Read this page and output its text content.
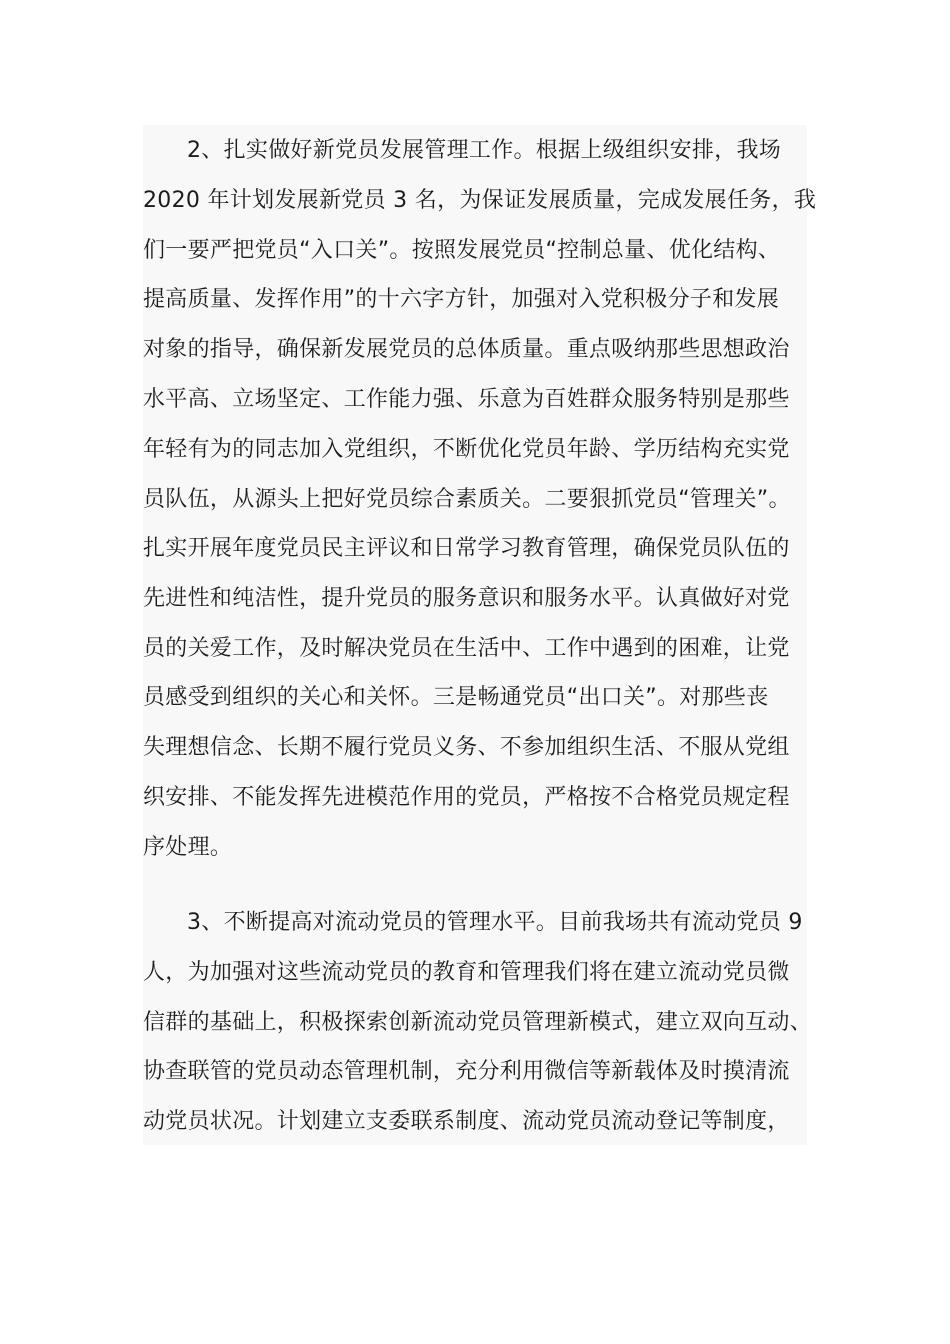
2、扎实做好新党员发展管理工作。根据上级组织安排，我场
2020 年计划发展新党员 3 名，为保证发展质量，完成发展任务，我
们一要严把党员“入口关”。按照发展党员“控制总量、优化结构、
提高质量、发挥作用”的十六字方针，加强对入党积极分子和发展
对象的指导，确保新发展党员的总体质量。重点吸纳那些思想政治
水平高、立场坚定、工作能力强、乐意为百姓群众服务特别是那些
年轻有为的同志加入党组织，不断优化党员年龄、学历结构充实党
员队伍，从源头上把好党员综合素质关。二要狠抓党员“管理关”。
扎实开展年度党员民主评议和日常学习教育管理，确保党员队伍的
先进性和纯洁性，提升党员的服务意识和服务水平。认真做好对党
员的关爱工作，及时解决党员在生活中、工作中遇到的困难，让党
员感受到组织的关心和关怀。三是畅通党员“出口关”。对那些丧
失理想信念、长期不履行党员义务、不参加组织生活、不服从党组
织安排、不能发挥先进模范作用的党员，严格按不合格党员规定程
序处理。
3、不断提高对流动党员的管理水平。目前我场共有流动党员 9
人，为加强对这些流动党员的教育和管理我们将在建立流动党员微
信群的基础上，积极探索创新流动党员管理新模式，建立双向互动、
协查联管的党员动态管理机制，充分利用微信等新载体及时摸清流
动党员状况。计划建立支委联系制度、流动党员流动登记等制度，
